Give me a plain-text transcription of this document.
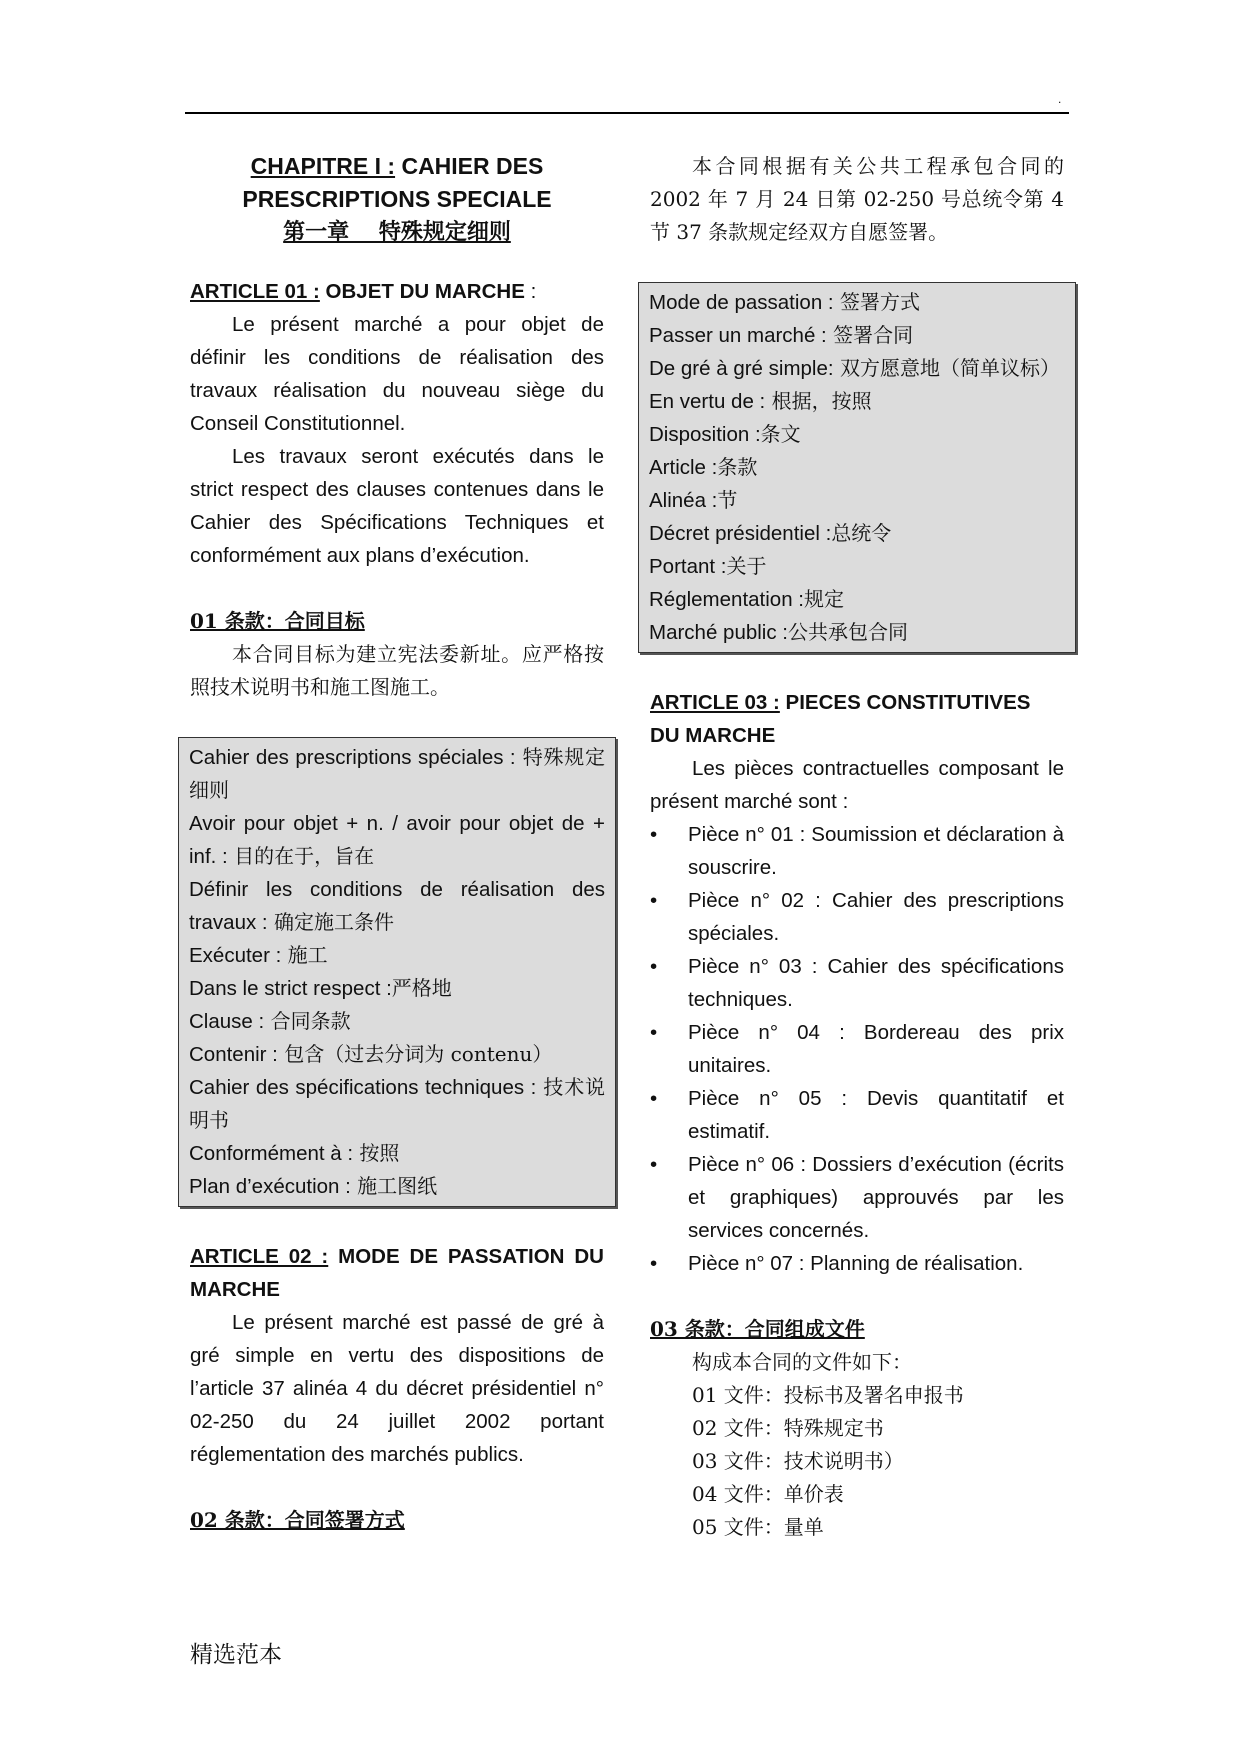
.

CHAPITRE I : CAHIER DES

PRESCRIPTIONS SPECIALE

第一章　 特殊规定细则

ARTICLE 01 : OBJET DU MARCHE :

Le présent marché a pour objet de définir les conditions de réalisation des travaux réalisation du nouveau siège du Conseil Constitutionnel.

Les travaux seront exécutés dans le strict respect des clauses contenues dans le Cahier des Spécifications Techniques et conformément aux plans d’exécution.

01 条款：合同目标

本合同目标为建立宪法委新址。应严格按照技术说明书和施工图施工。

Cahier des prescriptions spéciales : 特殊规定细则

Avoir pour objet + n. / avoir pour objet de + inf. : 目的在于，旨在

Définir les conditions de réalisation des travaux : 确定施工条件

Exécuter : 施工

Dans le strict respect :严格地

Clause : 合同条款

Contenir : 包含（过去分词为 contenu）

Cahier des spécifications techniques : 技术说明书

Conformément à : 按照

Plan d’exécution : 施工图纸

ARTICLE 02 : MODE DE PASSATION DU MARCHE

Le présent marché est passé de gré à gré simple en vertu des dispositions de l’article 37 alinéa 4 du décret présidentiel n° 02-250 du 24 juillet 2002 portant réglementation des marchés publics.

02 条款：合同签署方式

本合同根据有关公共工程承包合同的 2002 年 7 月 24 日第 02-250 号总统令第 4 节 37 条款规定经双方自愿签署。

Mode de passation : 签署方式

Passer un marché : 签署合同

De gré à gré simple: 双方愿意地（简单议标）

En vertu de : 根据，按照

Disposition :条文

Article :条款

Alinéa :节

Décret présidentiel :总统令

Portant :关于

Réglementation :规定

Marché public :公共承包合同

ARTICLE 03 : PIECES CONSTITUTIVES DU MARCHE

Les pièces contractuelles composant le présent marché sont :

• Pièce n° 01 : Soumission et déclaration à souscrire.
• Pièce n° 02 : Cahier des prescriptions spéciales.
• Pièce n° 03 : Cahier des spécifications techniques.
• Pièce n° 04 : Bordereau des prix unitaires.
• Pièce n° 05 : Devis quantitatif et estimatif.
• Pièce n° 06 : Dossiers d’exécution (écrits et graphiques) approuvés par les services concernés.
• Pièce n° 07 : Planning de réalisation.

03 条款：合同组成文件

构成本合同的文件如下：
01 文件：投标书及署名申报书
02 文件：特殊规定书
03 文件：技术说明书）
04 文件：单价表
05 文件：量单
精选范本
